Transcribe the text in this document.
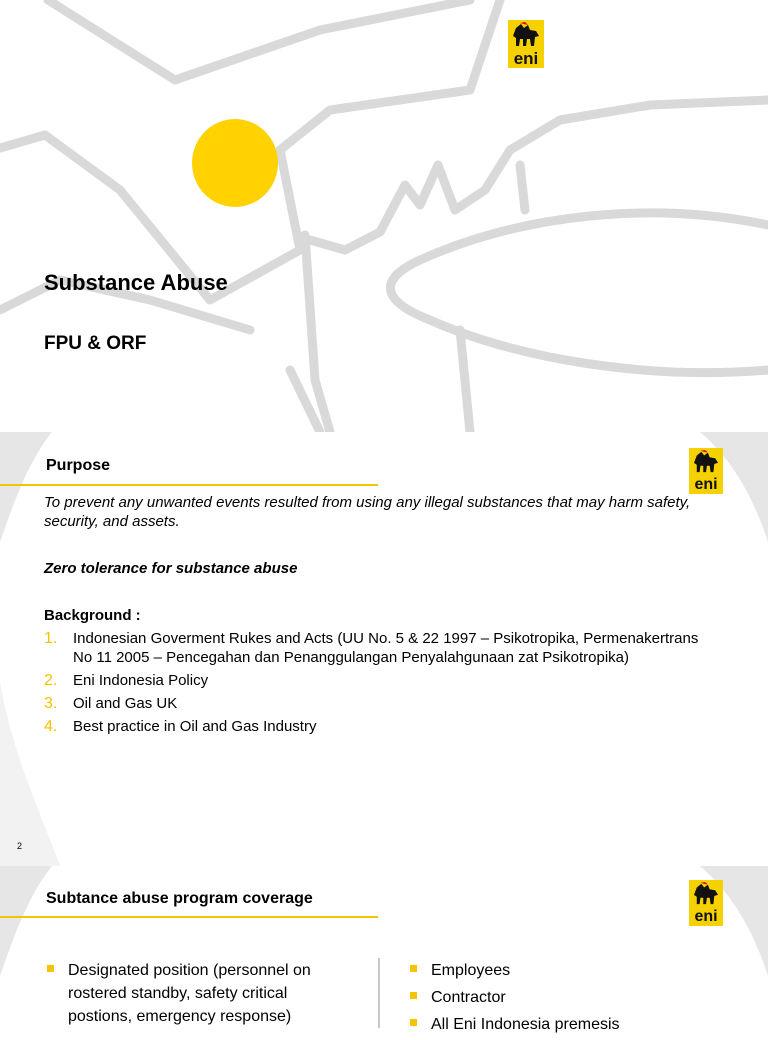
eni
Substance Abuse
FPU & ORF
Purpose
eni
To prevent any unwanted events resulted from using any illegal substances that may harm safety, security, and assets.
Zero tolerance for substance abuse
Background :
1. Indonesian Goverment Rukes and Acts (UU No. 5 & 22 1997 – Psikotropika, Permenakertrans No 11 2005 – Pencegahan dan Penanggulangan Penyalahgunaan zat Psikotropika)
2. Eni Indonesia Policy
3. Oil and Gas UK
4. Best practice in Oil and Gas Industry
2
Subtance abuse program coverage
eni
Designated position (personnel on rostered standby, safety critical postions, emergency response)
Employees
Contractor
All Eni Indonesia premesis
